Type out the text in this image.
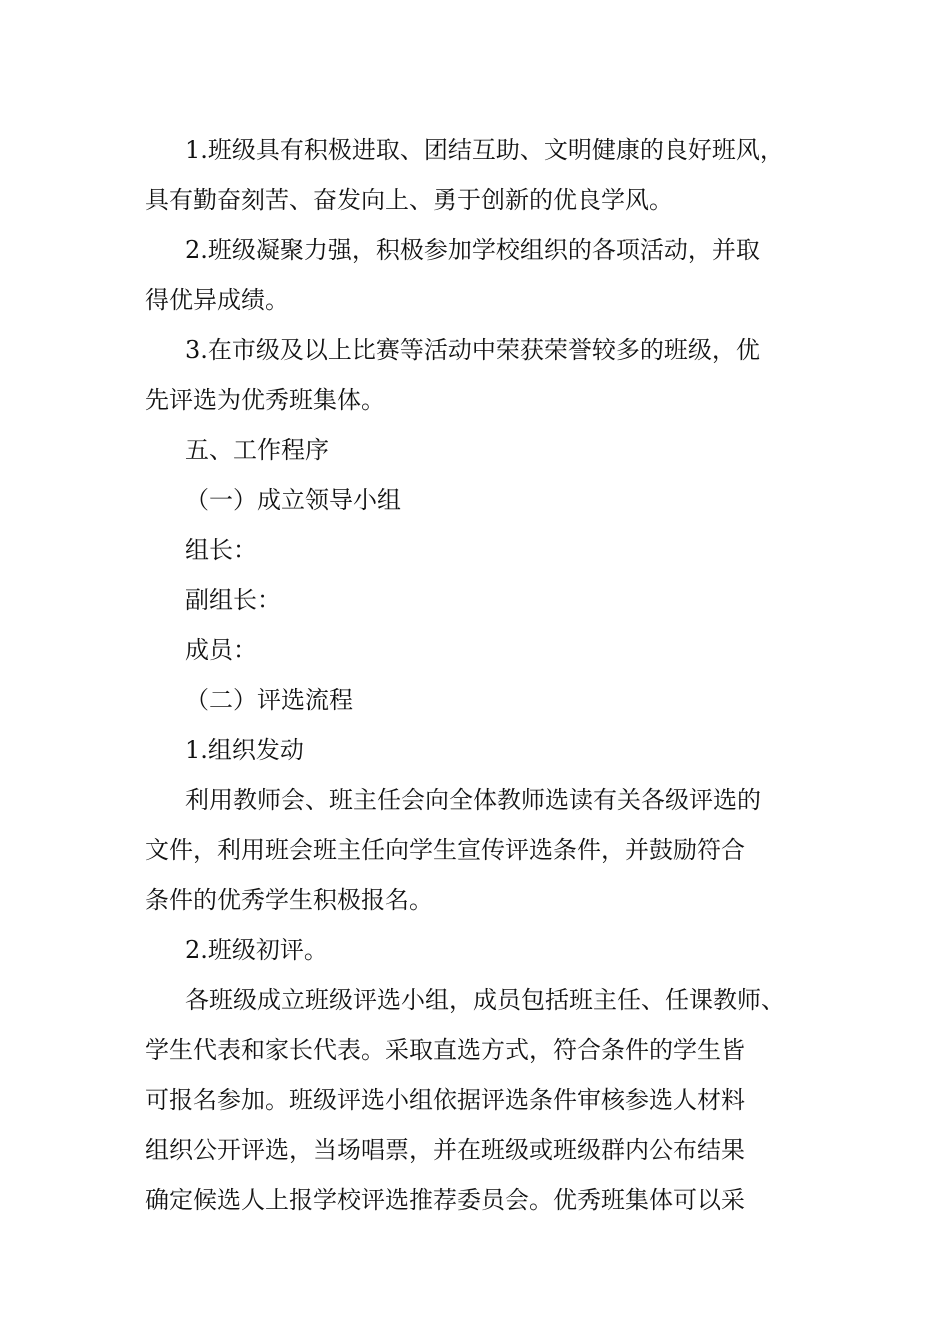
1.班级具有积极进取、团结互助、文明健康的良好班风，
具有勤奋刻苦、奋发向上、勇于创新的优良学风。
2.班级凝聚力强，积极参加学校组织的各项活动，并取
得优异成绩。
3.在市级及以上比赛等活动中荣获荣誉较多的班级，优
先评选为优秀班集体。
五、工作程序
（一）成立领导小组
组长：
副组长：
成员：
（二）评选流程
1.组织发动
利用教师会、班主任会向全体教师选读有关各级评选的
文件，利用班会班主任向学生宣传评选条件，并鼓励符合
条件的优秀学生积极报名。
2.班级初评。
各班级成立班级评选小组，成员包括班主任、任课教师、
学生代表和家长代表。采取直选方式，符合条件的学生皆
可报名参加。班级评选小组依据评选条件审核参选人材料
组织公开评选，当场唱票，并在班级或班级群内公布结果
确定候选人上报学校评选推荐委员会。优秀班集体可以采
